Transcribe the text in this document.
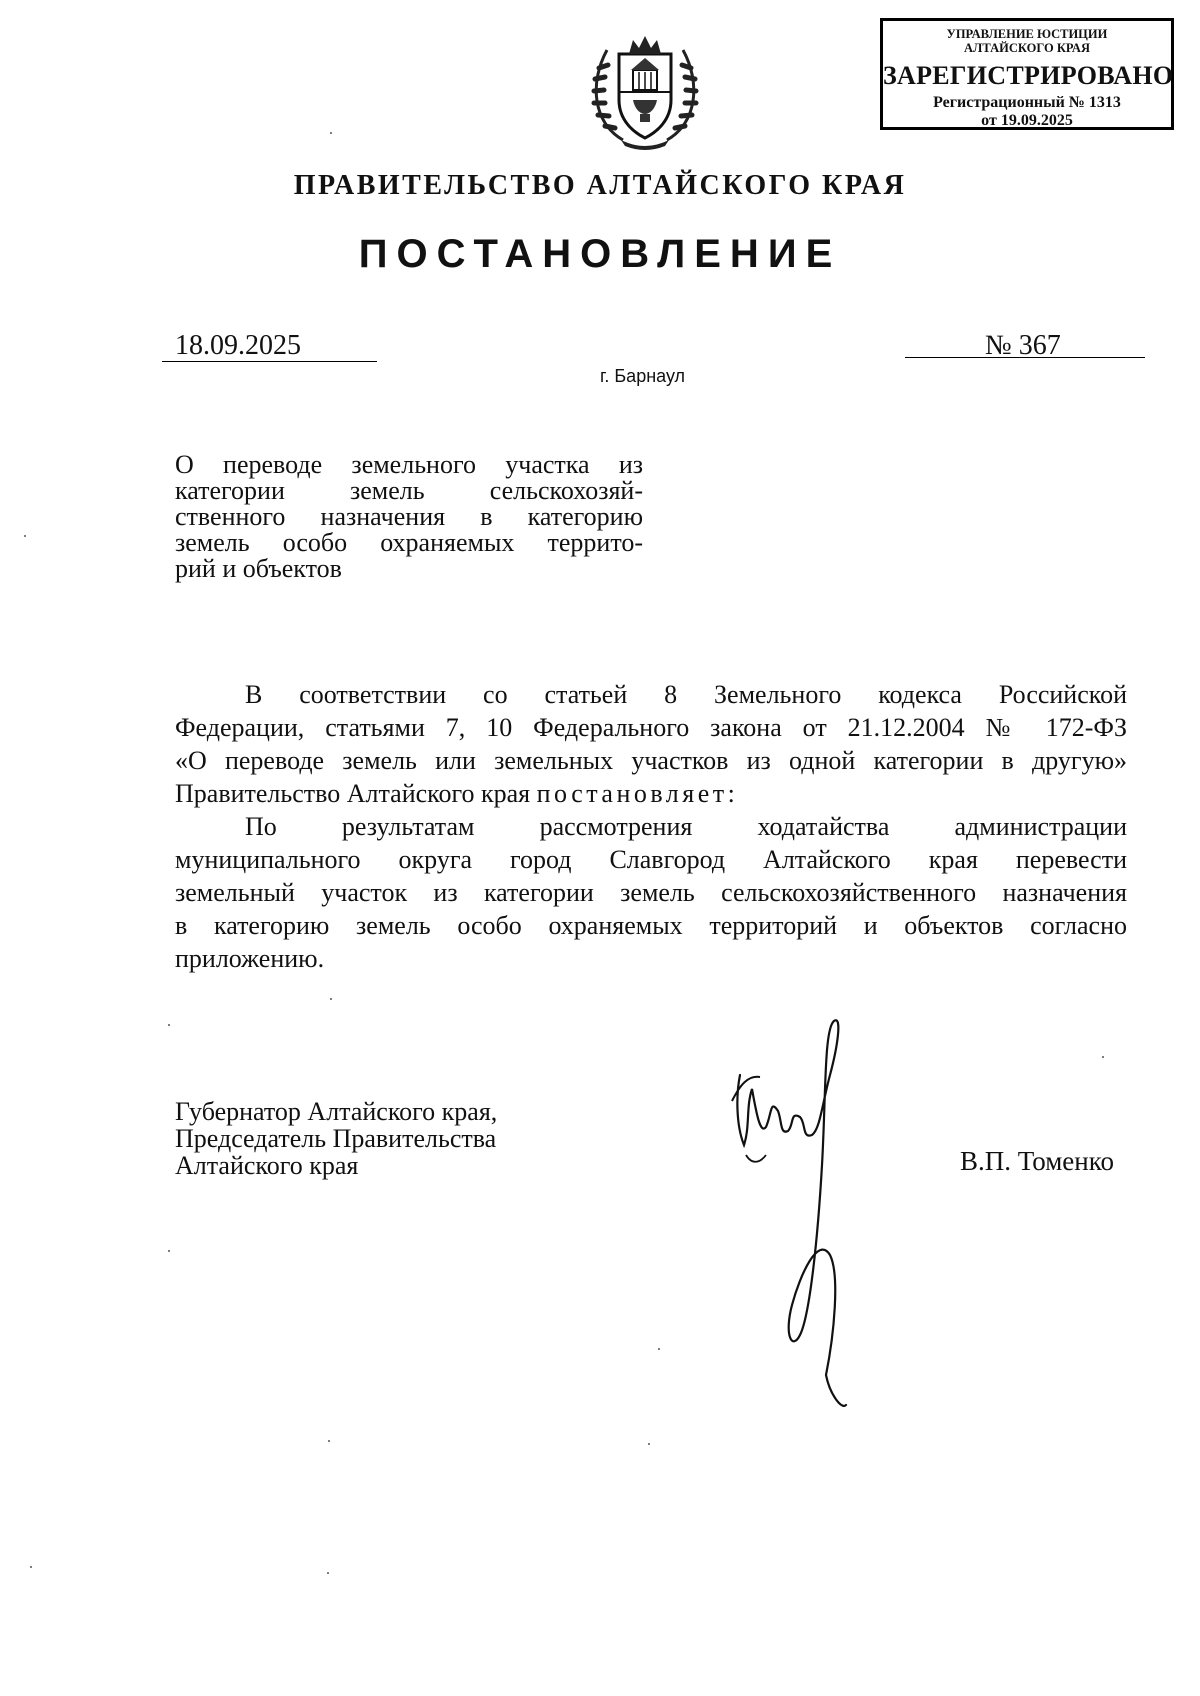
УПРАВЛЕНИЕ ЮСТИЦИИ
АЛТАЙСКОГО КРАЯ
ЗАРЕГИСТРИРОВАНО
Регистрационный № 1313
от 19.09.2025
ПРАВИТЕЛЬСТВО АЛТАЙСКОГО КРАЯ
ПОСТАНОВЛЕНИЕ
18.09.2025	№ 367
г. Барнаул
О переводе земельного участка из
категории земель сельскохозяй-
ственного назначения в категорию
земель особо охраняемых террито-
рий и объектов
В соответствии со статьей 8 Земельного кодекса Российской
Федерации, статьями 7, 10 Федерального закона от 21.12.2004 № 172-ФЗ
«О переводе земель или земельных участков из одной категории в другую»
Правительство Алтайского края постановляет:
По результатам рассмотрения ходатайства администрации
муниципального округа город Славгород Алтайского края перевести
земельный участок из категории земель сельскохозяйственного назначения
в категорию земель особо охраняемых территорий и объектов согласно
приложению.
Губернатор Алтайского края,
Председатель Правительства
Алтайского края	В.П. Томенко
